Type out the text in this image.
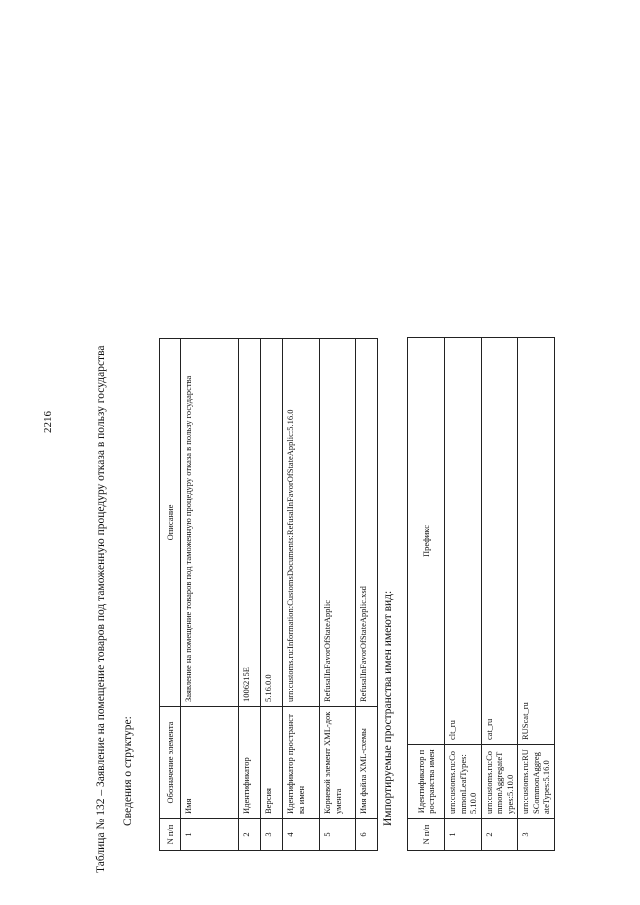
2216	Таблица № 132 – Заявление на помещение товаров под таможенную процедуру отказа в пользу государства Сведения о структуре:
N п/п	Обозначение элемента	Описание
1	Имя	Заявление на помещение товаров под таможенную процедуру отказа в пользу государства
2	Идентификатор	1006215E
3	Версия	5.16.0.0
4	Идентификатор пространства имен	urn:customs.ru:Information:CustomsDocuments:RefusalInFavorOfStateApplic:5.16.0
5	Корневой элемент XML-документа	RefusalInFavorOfStateApplic
6	Имя файла XML-схемы	RefusalInFavorOfStateApplic.xsd Импортируемые пространства имен имеют вид:
N п/п	Идентификатор пространства имен	Префикс
1	urn:customs.ru:CommonLeafTypes:5.10.0	clt_ru
2	urn:customs.ru:CommonAggregateTypes:5.10.0	cat_ru
3	urn:customs.ru:RUSCommonAggregateTypes:5.16.0	RUScat_ru
